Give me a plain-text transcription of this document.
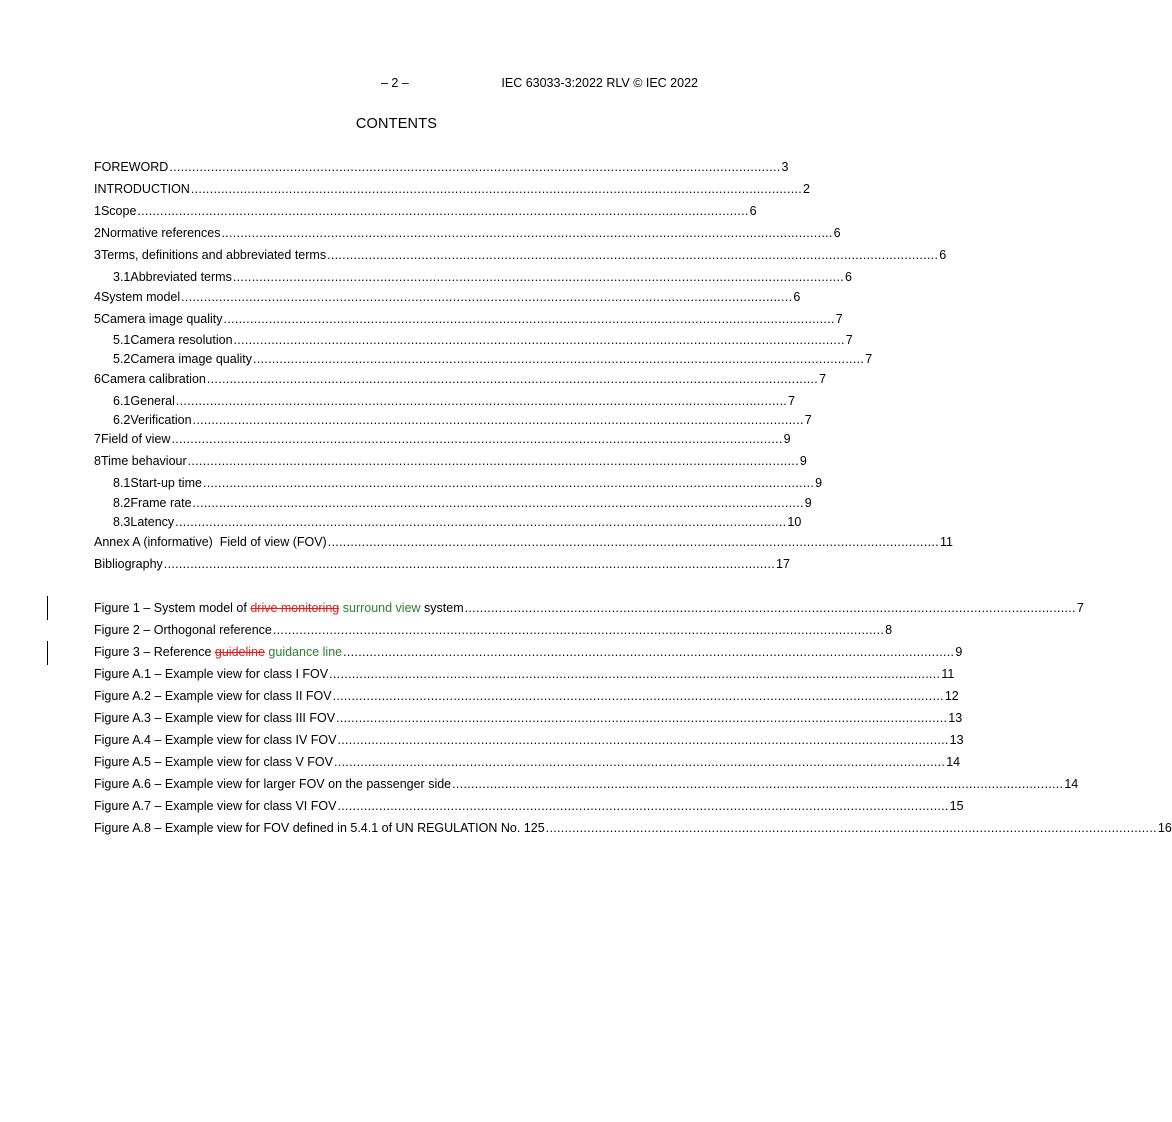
– 2 –	IEC 63033-3:2022 RLV © IEC 2022
CONTENTS
FOREWORD .................................................................................................................................................................. 3
INTRODUCTION .................................................................................................................................................................. 2
1 Scope .................................................................................................................................................................. 6
2 Normative references .................................................................................................................................................................. 6
3 Terms, definitions and abbreviated terms .................................................................................................................................................................. 6
3.1 Abbreviated terms .................................................................................................................................................................. 6
4 System model .................................................................................................................................................................. 6
5 Camera image quality .................................................................................................................................................................. 7
5.1 Camera resolution .................................................................................................................................................................. 7
5.2 Camera image quality .................................................................................................................................................................. 7
6 Camera calibration .................................................................................................................................................................. 7
6.1 General .................................................................................................................................................................. 7
6.2 Verification .................................................................................................................................................................. 7
7 Field of view .................................................................................................................................................................. 9
8 Time behaviour .................................................................................................................................................................. 9
8.1 Start-up time .................................................................................................................................................................. 9
8.2 Frame rate .................................................................................................................................................................. 9
8.3 Latency .................................................................................................................................................................. 10
Annex A (informative)  Field of view (FOV) .................................................................................................................................................................. 11
Bibliography .................................................................................................................................................................. 17
Figure 1 – System model of drive monitoring surround view system .................................................................................................................................................................. 7
Figure 2 – Orthogonal reference .................................................................................................................................................................. 8
Figure 3 – Reference guideline guidance line .................................................................................................................................................................. 9
Figure A.1 – Example view for class I FOV .................................................................................................................................................................. 11
Figure A.2 – Example view for class II FOV .................................................................................................................................................................. 12
Figure A.3 – Example view for class III FOV .................................................................................................................................................................. 13
Figure A.4 – Example view for class IV FOV .................................................................................................................................................................. 13
Figure A.5 – Example view for class V FOV .................................................................................................................................................................. 14
Figure A.6 – Example view for larger FOV on the passenger side .................................................................................................................................................................. 14
Figure A.7 – Example view for class VI FOV .................................................................................................................................................................. 15
Figure A.8 – Example view for FOV defined in 5.4.1 of UN REGULATION No. 125 .................................................................................................................................................................. 16
